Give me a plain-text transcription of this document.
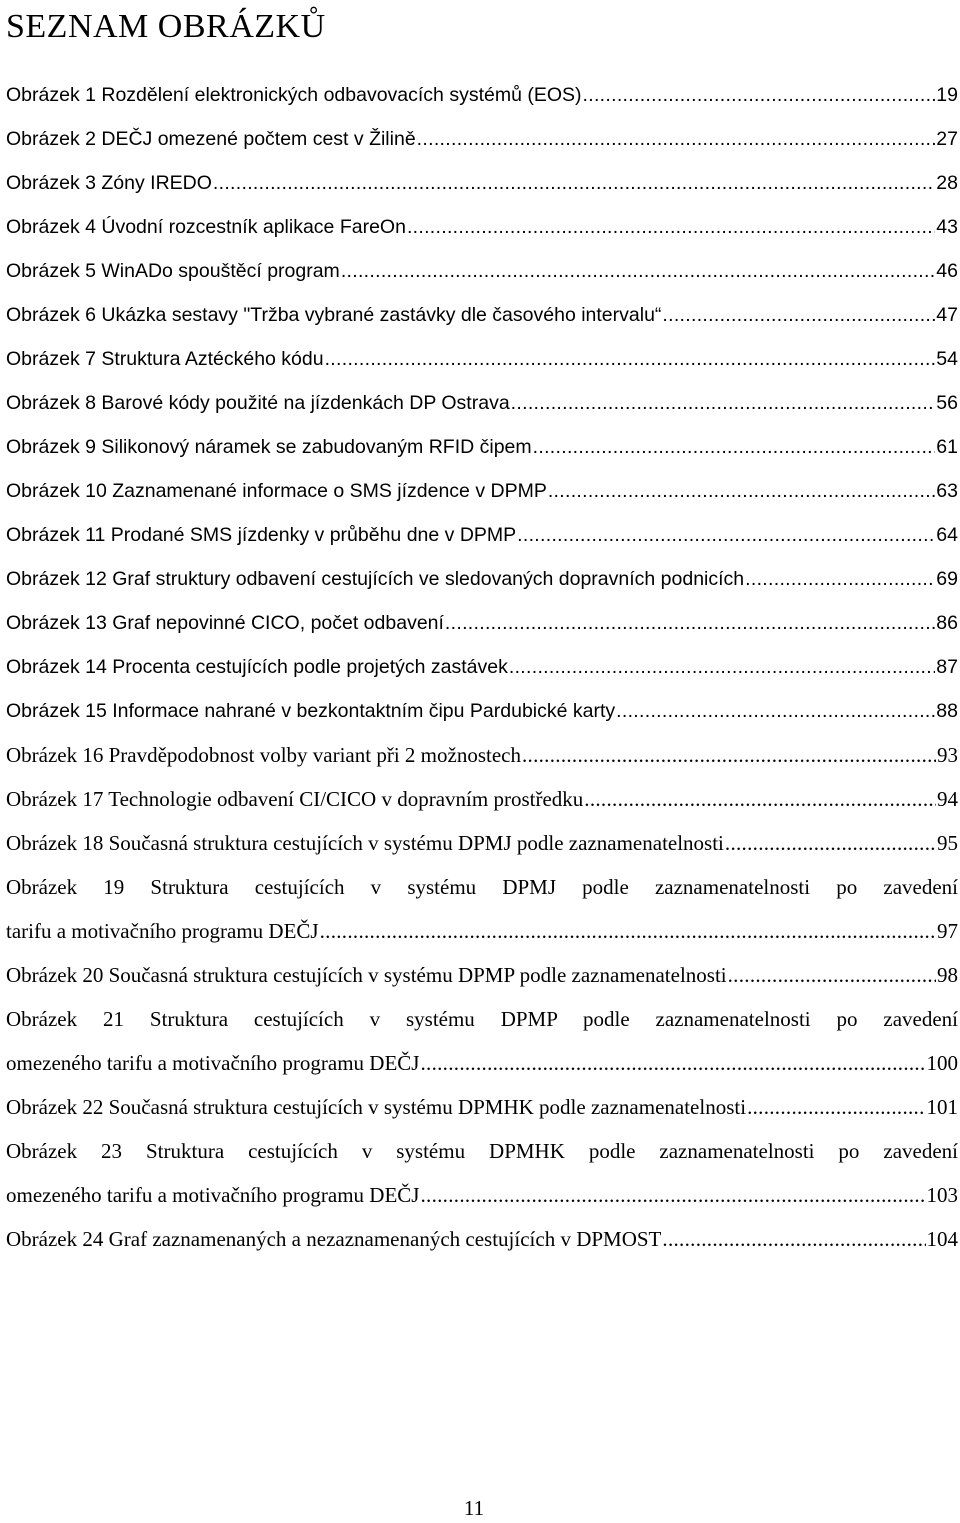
SEZNAM OBRÁZKŮ
Obrázek 1 Rozdělení elektronických odbavovacích systémů (EOS) .....	19
Obrázek 2 DEČJ omezené počtem cest v Žilině .....	27
Obrázek 3 Zóny IREDO .....	28
Obrázek 4 Úvodní rozcestník aplikace FareOn .....	43
Obrázek 5 WinADo spouštěcí program .....	46
Obrázek 6 Ukázka sestavy "Tržba vybrané zastávky dle časového intervalu“ .....	47
Obrázek 7 Struktura Aztéckého kódu .....	54
Obrázek 8 Barové kódy použité na jízdenkách DP Ostrava .....	56
Obrázek 9 Silikonový náramek se zabudovaným RFID čipem .....	61
Obrázek 10 Zaznamenané informace o SMS jízdence v DPMP .....	63
Obrázek 11 Prodané SMS jízdenky v průběhu dne v DPMP .....	64
Obrázek 12 Graf struktury odbavení cestujících ve sledovaných dopravních podnicích .....	69
Obrázek 13 Graf nepovinné CICO, počet odbavení .....	86
Obrázek 14 Procenta cestujících podle projetých zastávek .....	87
Obrázek 15 Informace nahrané v bezkontaktním čipu Pardubické karty .....	88
Obrázek 16 Pravděpodobnost volby variant při 2 možnostech .....	93
Obrázek 17 Technologie odbavení CI/CICO v dopravním prostředku .....	94
Obrázek 18 Současná struktura cestujících v systému DPMJ podle zaznamenatelnosti .....	95
Obrázek 19 Struktura cestujících v systému DPMJ podle zaznamenatelnosti po zavedení
tarifu a motivačního programu DEČJ .....	97
Obrázek 20 Současná struktura cestujících v systému DPMP podle zaznamenatelnosti .....	98
Obrázek 21 Struktura cestujících v systému DPMP podle zaznamenatelnosti po zavedení
omezeného tarifu a motivačního programu DEČJ .....	100
Obrázek 22 Současná struktura cestujících v systému DPMHK podle zaznamenatelnosti .....	101
Obrázek 23 Struktura cestujících v systému DPMHK podle zaznamenatelnosti po zavedení
omezeného tarifu a motivačního programu DEČJ .....	103
Obrázek 24 Graf zaznamenaných a nezaznamenaných cestujících v DPMOST .....	104
11
